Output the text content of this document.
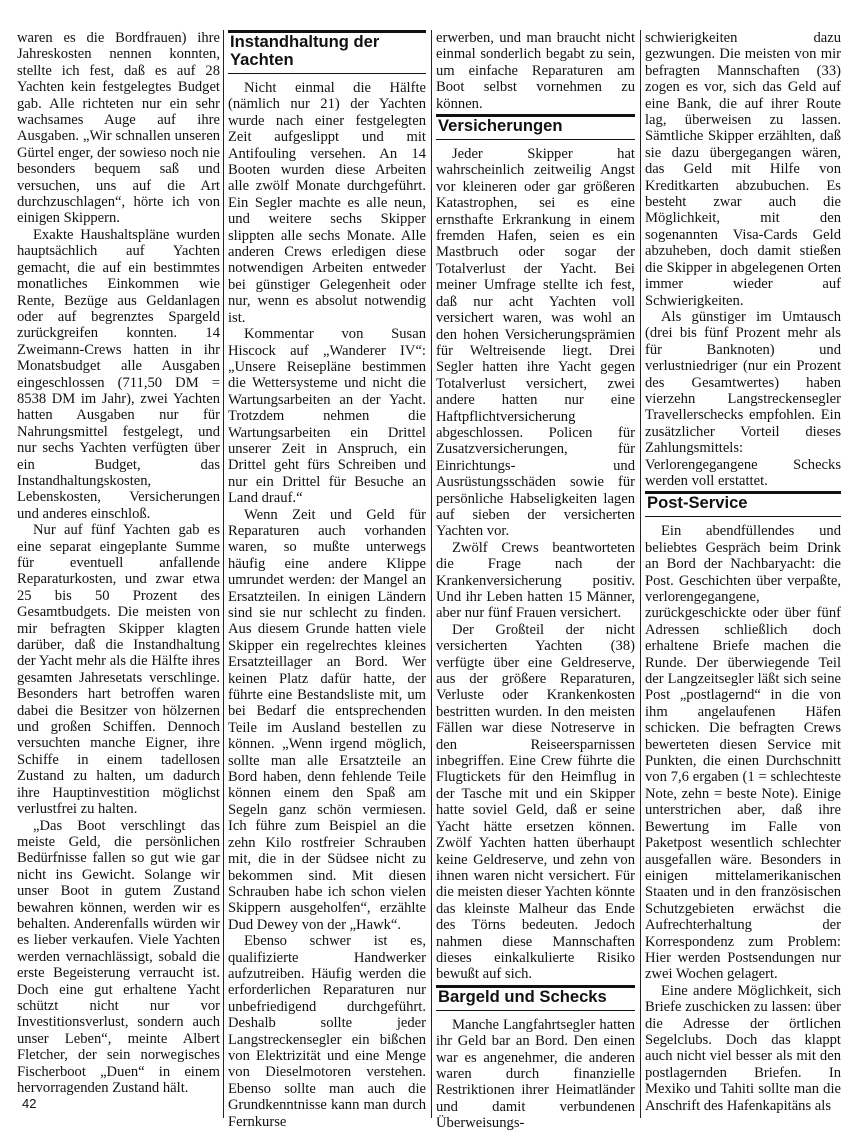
waren es die Bordfrauen) ihre Jahreskosten nennen konnten, stellte ich fest, daß es auf 28 Yachten kein festgelegtes Budget gab. Alle richteten nur ein sehr wachsames Auge auf ihre Ausgaben. „Wir schnallen unseren Gürtel enger, der sowieso noch nie besonders bequem saß und versuchen, uns auf die Art durchzuschlagen“, hörte ich von einigen Skippern.

Exakte Haushaltspläne wurden hauptsächlich auf Yachten gemacht, die auf ein bestimmtes monatliches Einkommen wie Rente, Bezüge aus Geldanlagen oder auf begrenztes Spargeld zurückgreifen konnten. 14 Zweimann-Crews hatten in ihr Monatsbudget alle Ausgaben eingeschlossen (711,50 DM = 8538 DM im Jahr), zwei Yachten hatten Ausgaben nur für Nahrungsmittel festgelegt, und nur sechs Yachten verfügten über ein Budget, das Instandhaltungskosten, Lebenskosten, Versicherungen und anderes einschloß.

Nur auf fünf Yachten gab es eine separat eingeplante Summe für eventuell anfallende Reparaturkosten, und zwar etwa 25 bis 50 Prozent des Gesamtbudgets. Die meisten von mir befragten Skipper klagten darüber, daß die Instandhaltung der Yacht mehr als die Hälfte ihres gesamten Jahresetats verschlinge. Besonders hart betroffen waren dabei die Besitzer von hölzernen und großen Schiffen. Dennoch versuchten manche Eigner, ihre Schiffe in einem tadellosen Zustand zu halten, um dadurch ihre Hauptinvestition möglichst verlustfrei zu halten.

„Das Boot verschlingt das meiste Geld, die persönlichen Bedürfnisse fallen so gut wie gar nicht ins Gewicht. Solange wir unser Boot in gutem Zustand bewahren können, werden wir es behalten. Anderenfalls würden wir es lieber verkaufen. Viele Yachten werden vernachlässigt, sobald die erste Begeisterung verraucht ist. Doch eine gut erhaltene Yacht schützt nicht nur vor Investitionsverlust, sondern auch unser Leben“, meinte Albert Fletcher, der sein norwegisches Fischerboot „Duen“ in einem hervorragenden Zustand hält.

Instandhaltung der Yachten

Nicht einmal die Hälfte (nämlich nur 21) der Yachten wurde nach einer festgelegten Zeit aufgeslippt und mit Antifouling versehen. An 14 Booten wurden diese Arbeiten alle zwölf Monate durchgeführt. Ein Segler machte es alle neun, und weitere sechs Skipper slippten alle sechs Monate. Alle anderen Crews erledigen diese notwendigen Arbeiten entweder bei günstiger Gelegenheit oder nur, wenn es absolut notwendig ist.

Kommentar von Susan Hiscock auf „Wanderer IV“: „Unsere Reisepläne bestimmen die Wettersysteme und nicht die Wartungsarbeiten an der Yacht. Trotzdem nehmen die Wartungsarbeiten ein Drittel unserer Zeit in Anspruch, ein Drittel geht fürs Schreiben und nur ein Drittel für Besuche an Land drauf.“

Wenn Zeit und Geld für Reparaturen auch vorhanden waren, so mußte unterwegs häufig eine andere Klippe umrundet werden: der Mangel an Ersatzteilen. In einigen Ländern sind sie nur schlecht zu finden. Aus diesem Grunde hatten viele Skipper ein regelrechtes kleines Ersatzteillager an Bord. Wer keinen Platz dafür hatte, der führte eine Bestandsliste mit, um bei Bedarf die entsprechenden Teile im Ausland bestellen zu können. „Wenn irgend möglich, sollte man alle Ersatzteile an Bord haben, denn fehlende Teile können einem den Spaß am Segeln ganz schön vermiesen. Ich führe zum Beispiel an die zehn Kilo rostfreier Schrauben mit, die in der Südsee nicht zu bekommen sind. Mit diesen Schrauben habe ich schon vielen Skippern ausgeholfen“, erzählte Dud Dewey von der „Hawk“.

Ebenso schwer ist es, qualifizierte Handwerker aufzutreiben. Häufig werden die erforderlichen Reparaturen nur unbefriedigend durchgeführt. Deshalb sollte jeder Langstreckensegler ein bißchen von Elektrizität und eine Menge von Dieselmotoren verstehen. Ebenso sollte man auch die Grundkenntnisse kann man durch Fernkurse

erwerben, und man braucht nicht einmal sonderlich begabt zu sein, um einfache Reparaturen am Boot selbst vornehmen zu können.

Versicherungen

Jeder Skipper hat wahrscheinlich zeitweilig Angst vor kleineren oder gar größeren Katastrophen, sei es eine ernsthafte Erkrankung in einem fremden Hafen, seien es ein Mastbruch oder sogar der Totalverlust der Yacht. Bei meiner Umfrage stellte ich fest, daß nur acht Yachten voll versichert waren, was wohl an den hohen Versicherungsprämien für Weltreisende liegt. Drei Segler hatten ihre Yacht gegen Totalverlust versichert, zwei andere hatten nur eine Haftpflichtversicherung abgeschlossen. Policen für Zusatzversicherungen, für Einrichtungs- und Ausrüstungsschäden sowie für persönliche Habseligkeiten lagen auf sieben der versicherten Yachten vor.

Zwölf Crews beantworteten die Frage nach der Krankenversicherung positiv. Und ihr Leben hatten 15 Männer, aber nur fünf Frauen versichert.

Der Großteil der nicht versicherten Yachten (38) verfügte über eine Geldreserve, aus der größere Reparaturen, Verluste oder Krankenkosten bestritten wurden. In den meisten Fällen war diese Notreserve in den Reiseersparnissen inbegriffen. Eine Crew führte die Flugtickets für den Heimflug in der Tasche mit und ein Skipper hatte soviel Geld, daß er seine Yacht hätte ersetzen können. Zwölf Yachten hatten überhaupt keine Geldreserve, und zehn von ihnen waren nicht versichert. Für die meisten dieser Yachten könnte das kleinste Malheur das Ende des Törns bedeuten. Jedoch nahmen diese Mannschaften dieses einkalkulierte Risiko bewußt auf sich.

Bargeld und Schecks

Manche Langfahrtsegler hatten ihr Geld bar an Bord. Den einen war es angenehmer, die anderen waren durch finanzielle Restriktionen ihrer Heimatländer und damit verbundenen Überweisungs-

schwierigkeiten dazu gezwungen. Die meisten von mir befragten Mannschaften (33) zogen es vor, sich das Geld auf eine Bank, die auf ihrer Route lag, überweisen zu lassen. Sämtliche Skipper erzählten, daß sie dazu übergegangen wären, das Geld mit Hilfe von Kreditkarten abzubuchen. Es besteht zwar auch die Möglichkeit, mit den sogenannten Visa-Cards Geld abzuheben, doch damit stießen die Skipper in abgelegenen Orten immer wieder auf Schwierigkeiten.

Als günstiger im Umtausch (drei bis fünf Prozent mehr als für Banknoten) und verlustniedriger (nur ein Prozent des Gesamtwertes) haben vierzehn Langstreckensegler Travellerschecks empfohlen. Ein zusätzlicher Vorteil dieses Zahlungsmittels: Verlorengegangene Schecks werden voll erstattet.

Post-Service

Ein abendfüllendes und beliebtes Gespräch beim Drink an Bord der Nachbaryacht: die Post. Geschichten über verpaßte, verlorengegangene, zurückgeschickte oder über fünf Adressen schließlich doch erhaltene Briefe machen die Runde. Der überwiegende Teil der Langzeitsegler läßt sich seine Post „postlagernd“ in die von ihm angelaufenen Häfen schicken. Die befragten Crews bewerteten diesen Service mit Punkten, die einen Durchschnitt von 7,6 ergaben (1 = schlechteste Note, zehn = beste Note). Einige unterstrichen aber, daß ihre Bewertung im Falle von Paketpost wesentlich schlechter ausgefallen wäre. Besonders in einigen mittelamerikanischen Staaten und in den französischen Schutzgebieten erwächst die Aufrechterhaltung der Korrespondenz zum Problem: Hier werden Postsendungen nur zwei Wochen gelagert.

Eine andere Möglichkeit, sich Briefe zuschicken zu lassen: über die Adresse der örtlichen Segelclubs. Doch das klappt auch nicht viel besser als mit den postlagernden Briefen. In Mexiko und Tahiti sollte man die Anschrift des Hafenkapitäns als

42
